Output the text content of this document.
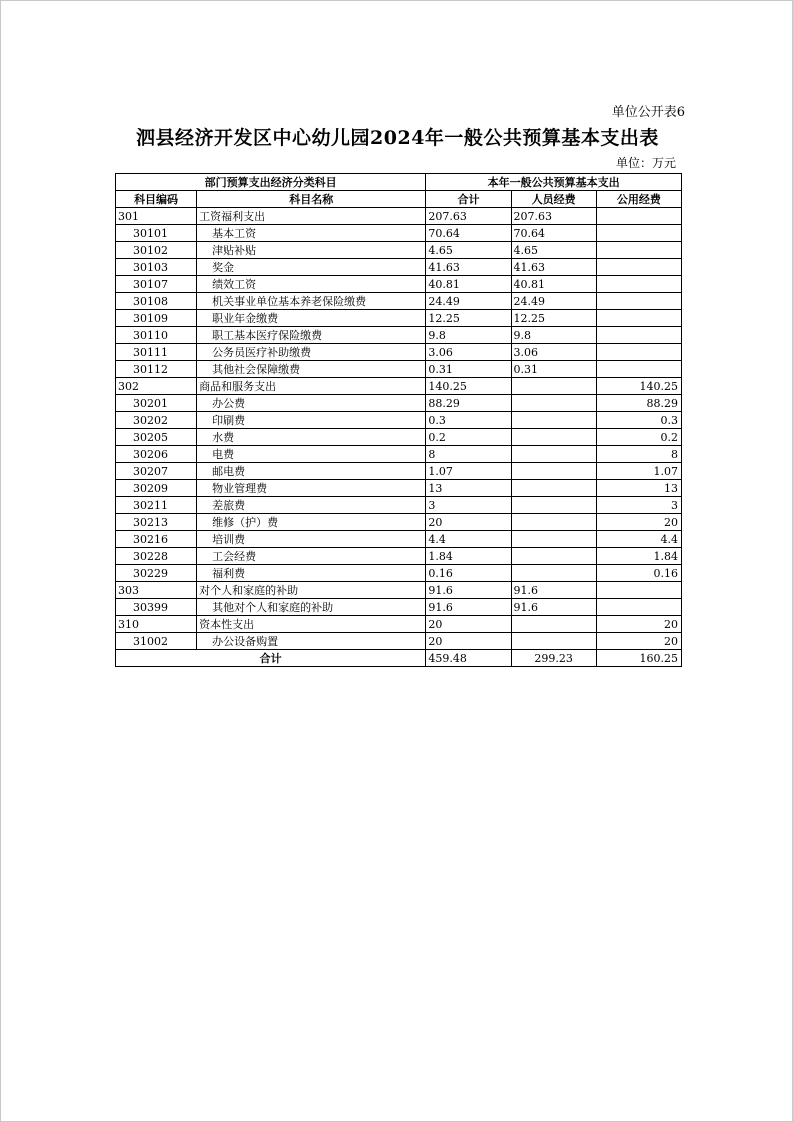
单位公开表6
泗县经济开发区中心幼儿园2024年一般公共预算基本支出表
单位：万元
部门预算支出经济分类科目		本年一般公共预算基本支出		
科目编码	科目名称	合计	人员经费	公用经费
301	工资福利支出	207.63	207.63	
30101	基本工资	70.64	70.64	
30102	津贴补贴	4.65	4.65	
30103	奖金	41.63	41.63	
30107	绩效工资	40.81	40.81	
30108	机关事业单位基本养老保险缴费	24.49	24.49	
30109	职业年金缴费	12.25	12.25	
30110	职工基本医疗保险缴费	9.8	9.8	
30111	公务员医疗补助缴费	3.06	3.06	
30112	其他社会保障缴费	0.31	0.31	
302	商品和服务支出	140.25		140.25
30201	办公费	88.29		88.29
30202	印刷费	0.3		0.3
30205	水费	0.2		0.2
30206	电费	8		8
30207	邮电费	1.07		1.07
30209	物业管理费	13		13
30211	差旅费	3		3
30213	维修（护）费	20		20
30216	培训费	4.4		4.4
30228	工会经费	1.84		1.84
30229	福利费	0.16		0.16
303	对个人和家庭的补助	91.6	91.6	
30399	其他对个人和家庭的补助	91.6	91.6	
310	资本性支出	20		20
31002	办公设备购置	20		20
合计		459.48	299.23	160.25
